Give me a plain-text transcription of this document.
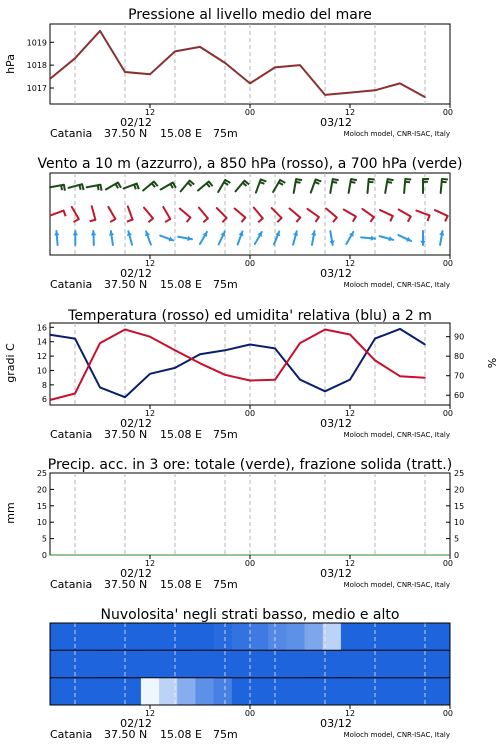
Pressione al livello medio del mare
hPa
1017
1018
1019
12	00	12	00
02/12	03/12
Catania 37.50 N 15.08 E 75m	Moloch model, CNR-ISAC, Italy
Vento a 10 m (azzurro), a 850 hPa (rosso), a 700 hPa (verde)
12	00	12	00
02/12	03/12
Catania 37.50 N 15.08 E 75m	Moloch model, CNR-ISAC, Italy
Temperatura (rosso) ed umidita' relativa (blu) a 2 m
gradi C	%
6
8
10
12
14
16
60
70
80
90
12	00	12	00
02/12	03/12
Catania 37.50 N 15.08 E 75m	Moloch model, CNR-ISAC, Italy
Precip. acc. in 3 ore: totale (verde), frazione solida (tratt.)
mm
0
5
10
15
20
25
0
5
10
15
20
25
12	00	12	00
02/12	03/12
Catania 37.50 N 15.08 E 75m	Moloch model, CNR-ISAC, Italy
Nuvolosita' negli strati basso, medio e alto
12	00	12	00
02/12	03/12
Catania 37.50 N 15.08 E 75m	Moloch model, CNR-ISAC, Italy
